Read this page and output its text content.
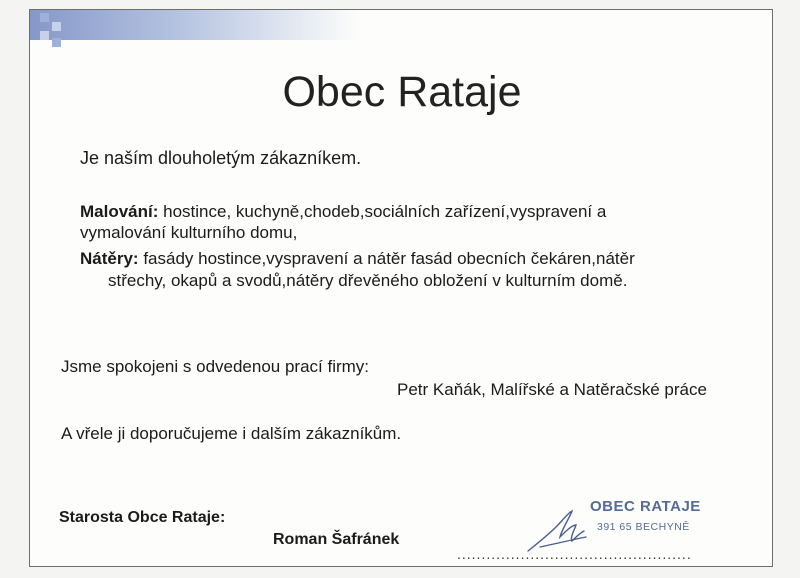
Obec Rataje
Je naším dlouholetým zákazníkem.
Malování: hostince, kuchyně,chodeb,sociálních zařízení,vyspravení a
vymalování kulturního domu,
Nátěry: fasády hostince,vyspravení a nátěr fasád obecních čekáren,nátěr
střechy, okapů a svodů,nátěry dřevěného obložení v kulturním domě.
Jsme spokojeni s odvedenou prací firmy:
Petr Kaňák, Malířské a Natěračské práce
A vřele ji doporučujeme i dalším zákazníkům.
Starosta Obce Rataje:
Roman Šafránek
................................................
OBEC RATAJE
391 65 BECHYNĚ
